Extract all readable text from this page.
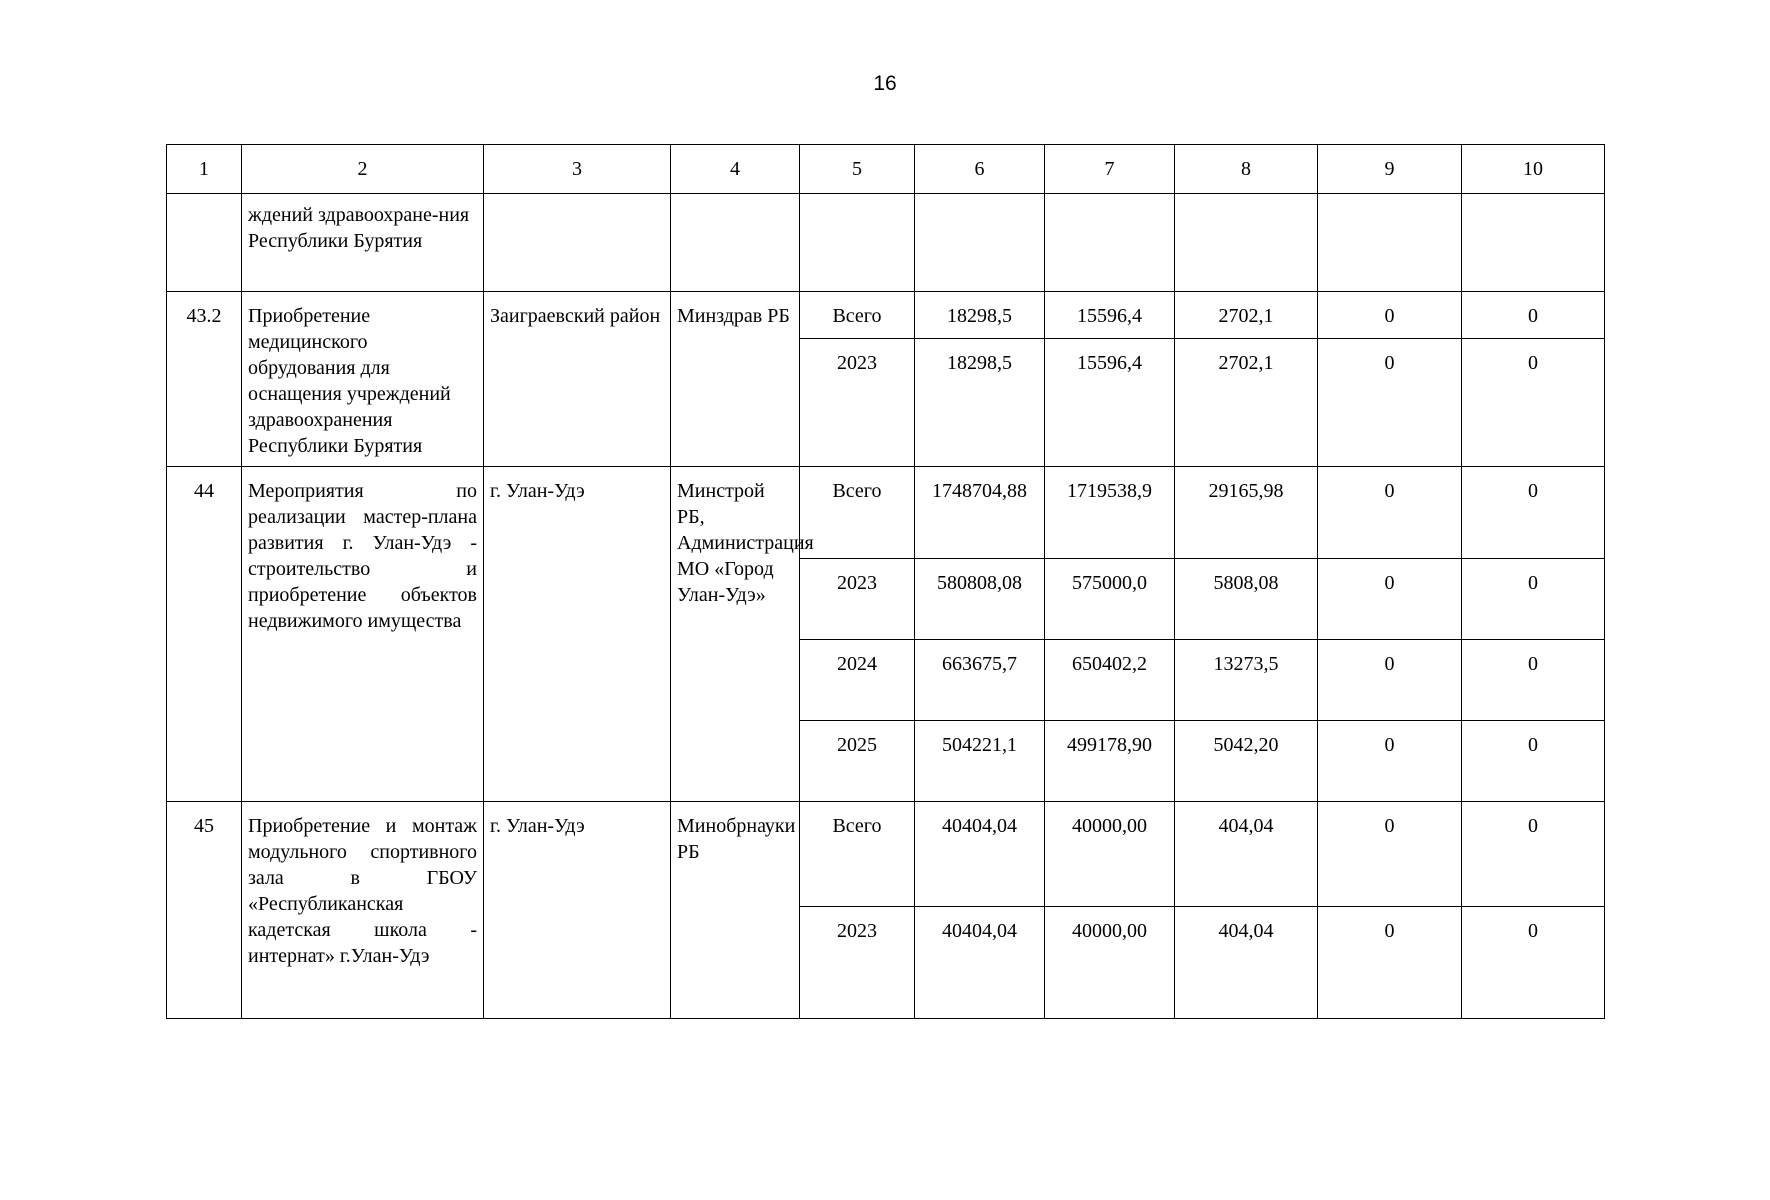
16
1	2	3	4	5	6	7	8	9	10
	ждений здравоохране-ния Республики Бурятия								
43.2	Приобретение медицинского обрудования для оснащения учреждений здравоохранения Республики Бурятия	Заиграевский район	Минздрав РБ	Всего	18298,5	15596,4	2702,1	0	0
				2023	18298,5	15596,4	2702,1	0	0
44	Мероприятия по реализации мастер-плана развития г. Улан-Удэ - строительство и приобретение объектов недвижимого имущества	г. Улан-Удэ	Минстрой РБ, Администрация МО «Город Улан-Удэ»	Всего	1748704,88	1719538,9	29165,98	0	0
				2023	580808,08	575000,0	5808,08	0	0
				2024	663675,7	650402,2	13273,5	0	0
				2025	504221,1	499178,90	5042,20	0	0
45	Приобретение и монтаж модульного спортивного зала в ГБОУ «Республиканская кадетская школа - интернат» г.Улан-Удэ	г. Улан-Удэ	Минобрнауки РБ	Всего	40404,04	40000,00	404,04	0	0
				2023	40404,04	40000,00	404,04	0	0
